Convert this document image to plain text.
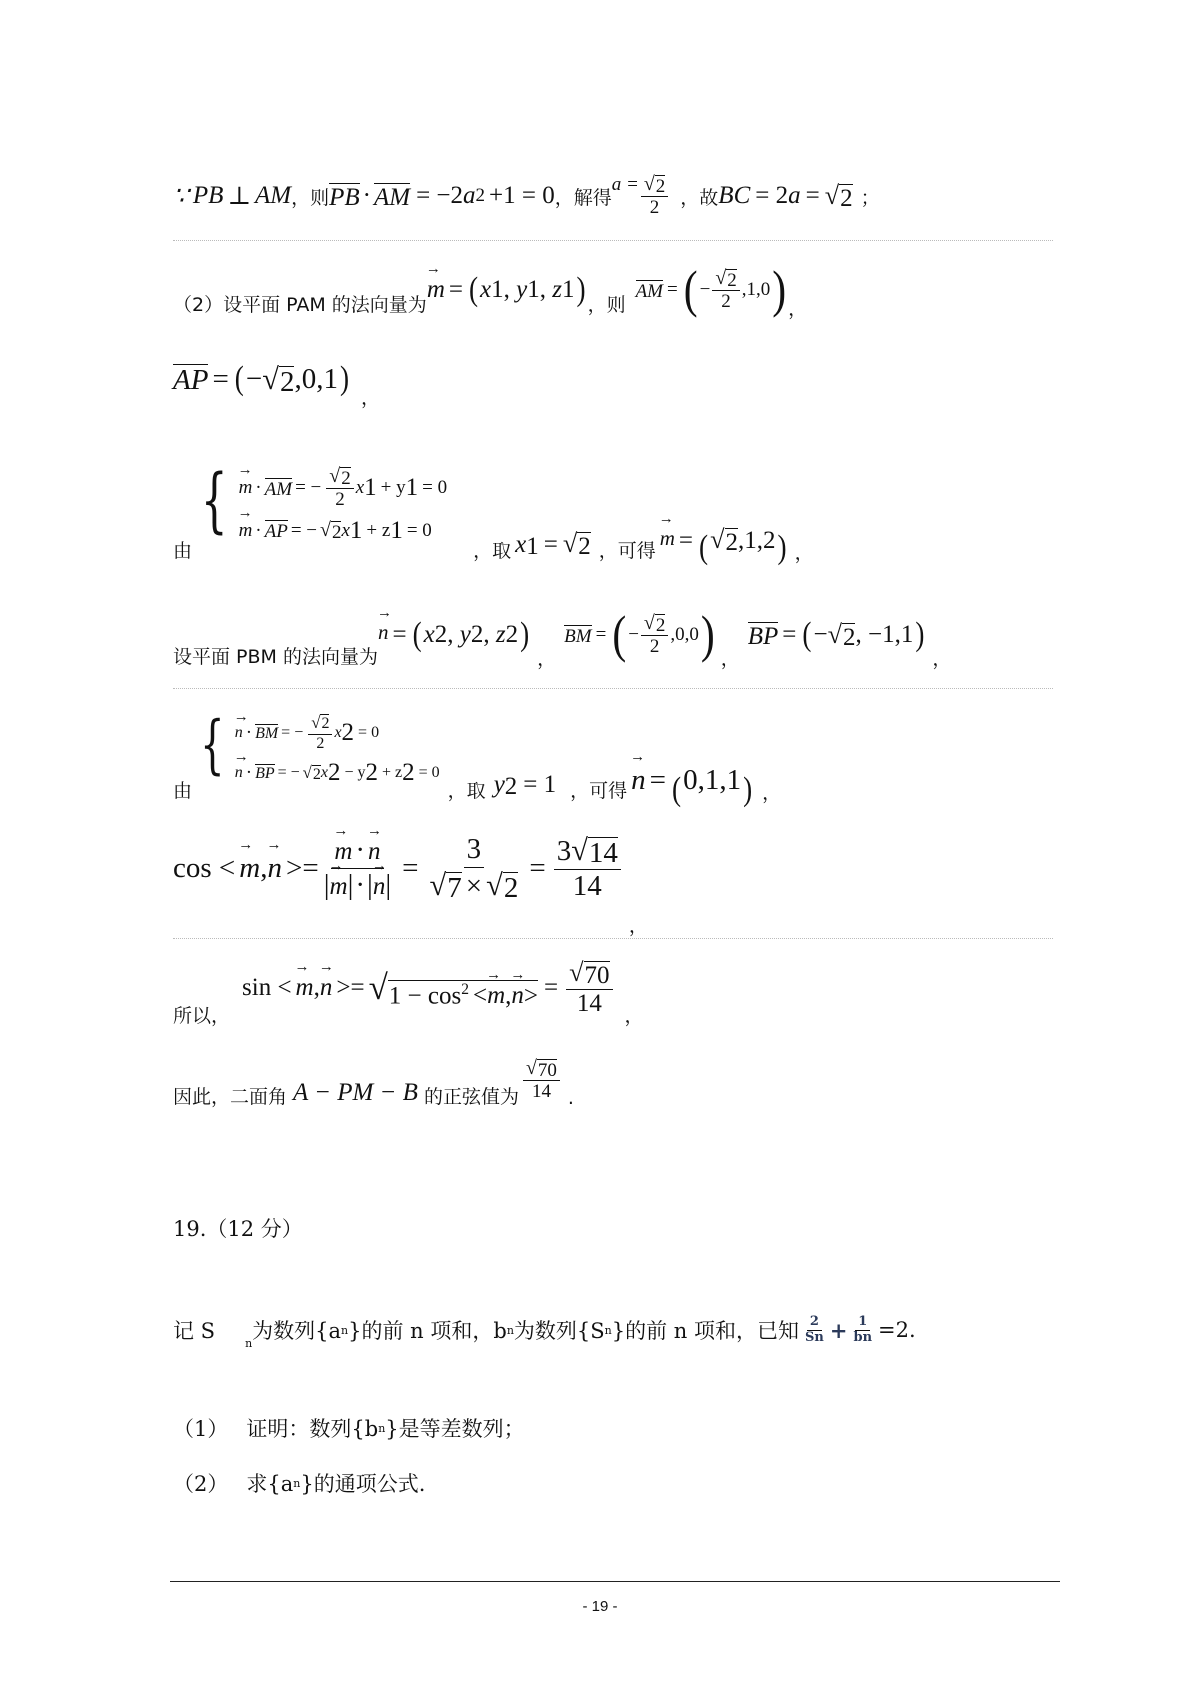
∵ PB ⊥ AM ，则 PB · AM = −2 a 2 +1 = 0 ，解得
$a = \frac{√ 2}{2}$ ，故 BC = 2 a = √ 2 ；
（2）设平面 PAM 的法向量为
→ m = ( x 1 , y 1 , z 1 ) ，则
AM = ( − $\frac{√ 2}{2} ,1,0$ ) ，
AP = ( − √ 2 ,0,1 )
，
由
{ → m · AM = − $\frac{√ 2}{2}$ x 1 + y 1 = 0
→ m · AP = − √ 2 x 1 + z 1 = 0
，取 x 1 = √ 2 ，可得
→ m = ( √ 2 ,1,2 ) ，
设平面 PBM 的法向量为
→ n = ( x 2 , y 2 , z 2 )
，
BM = ( − $\frac{√ 2}{2} ,0,0$ ) ，
BP = ( − √ 2 , −1,1 )
，
由
{ → n · BM = − $\frac{√ 2}{2}$ x 2 = 0
→ n · BP = − √ 2 x 2 − y 2 + z 2 = 0
，取 y 2 = 1 ，可得 → n = ( 0,1,1 ) ，
cos < → m , → n >= → $\frac{m \cdot \to n}{|\to m|\cdot|\to n|} = \frac{3}{√ 7 \times √ 2} = \frac{3 √ 14}{14}$
，
所以，
sin < → m , → n >= √ $1 - \cos^2 <\to m,\to n> = \frac{√ 70}{14}$ ，
因此，二面角 A − PM − B 的正弦值为 $\frac{√ 70}{14}$ .
19.（12 分）
记 S
$_n$
为数列{a n }的前 n 项和，b n 为数列{S n }的前 n 项和，已知 $\frac{2}{Sn} + \frac{1}{bn} =2$.
（1） 证明：数列{b n }是等差数列；
（2） 求{a n }的通项公式.
- 19 -
